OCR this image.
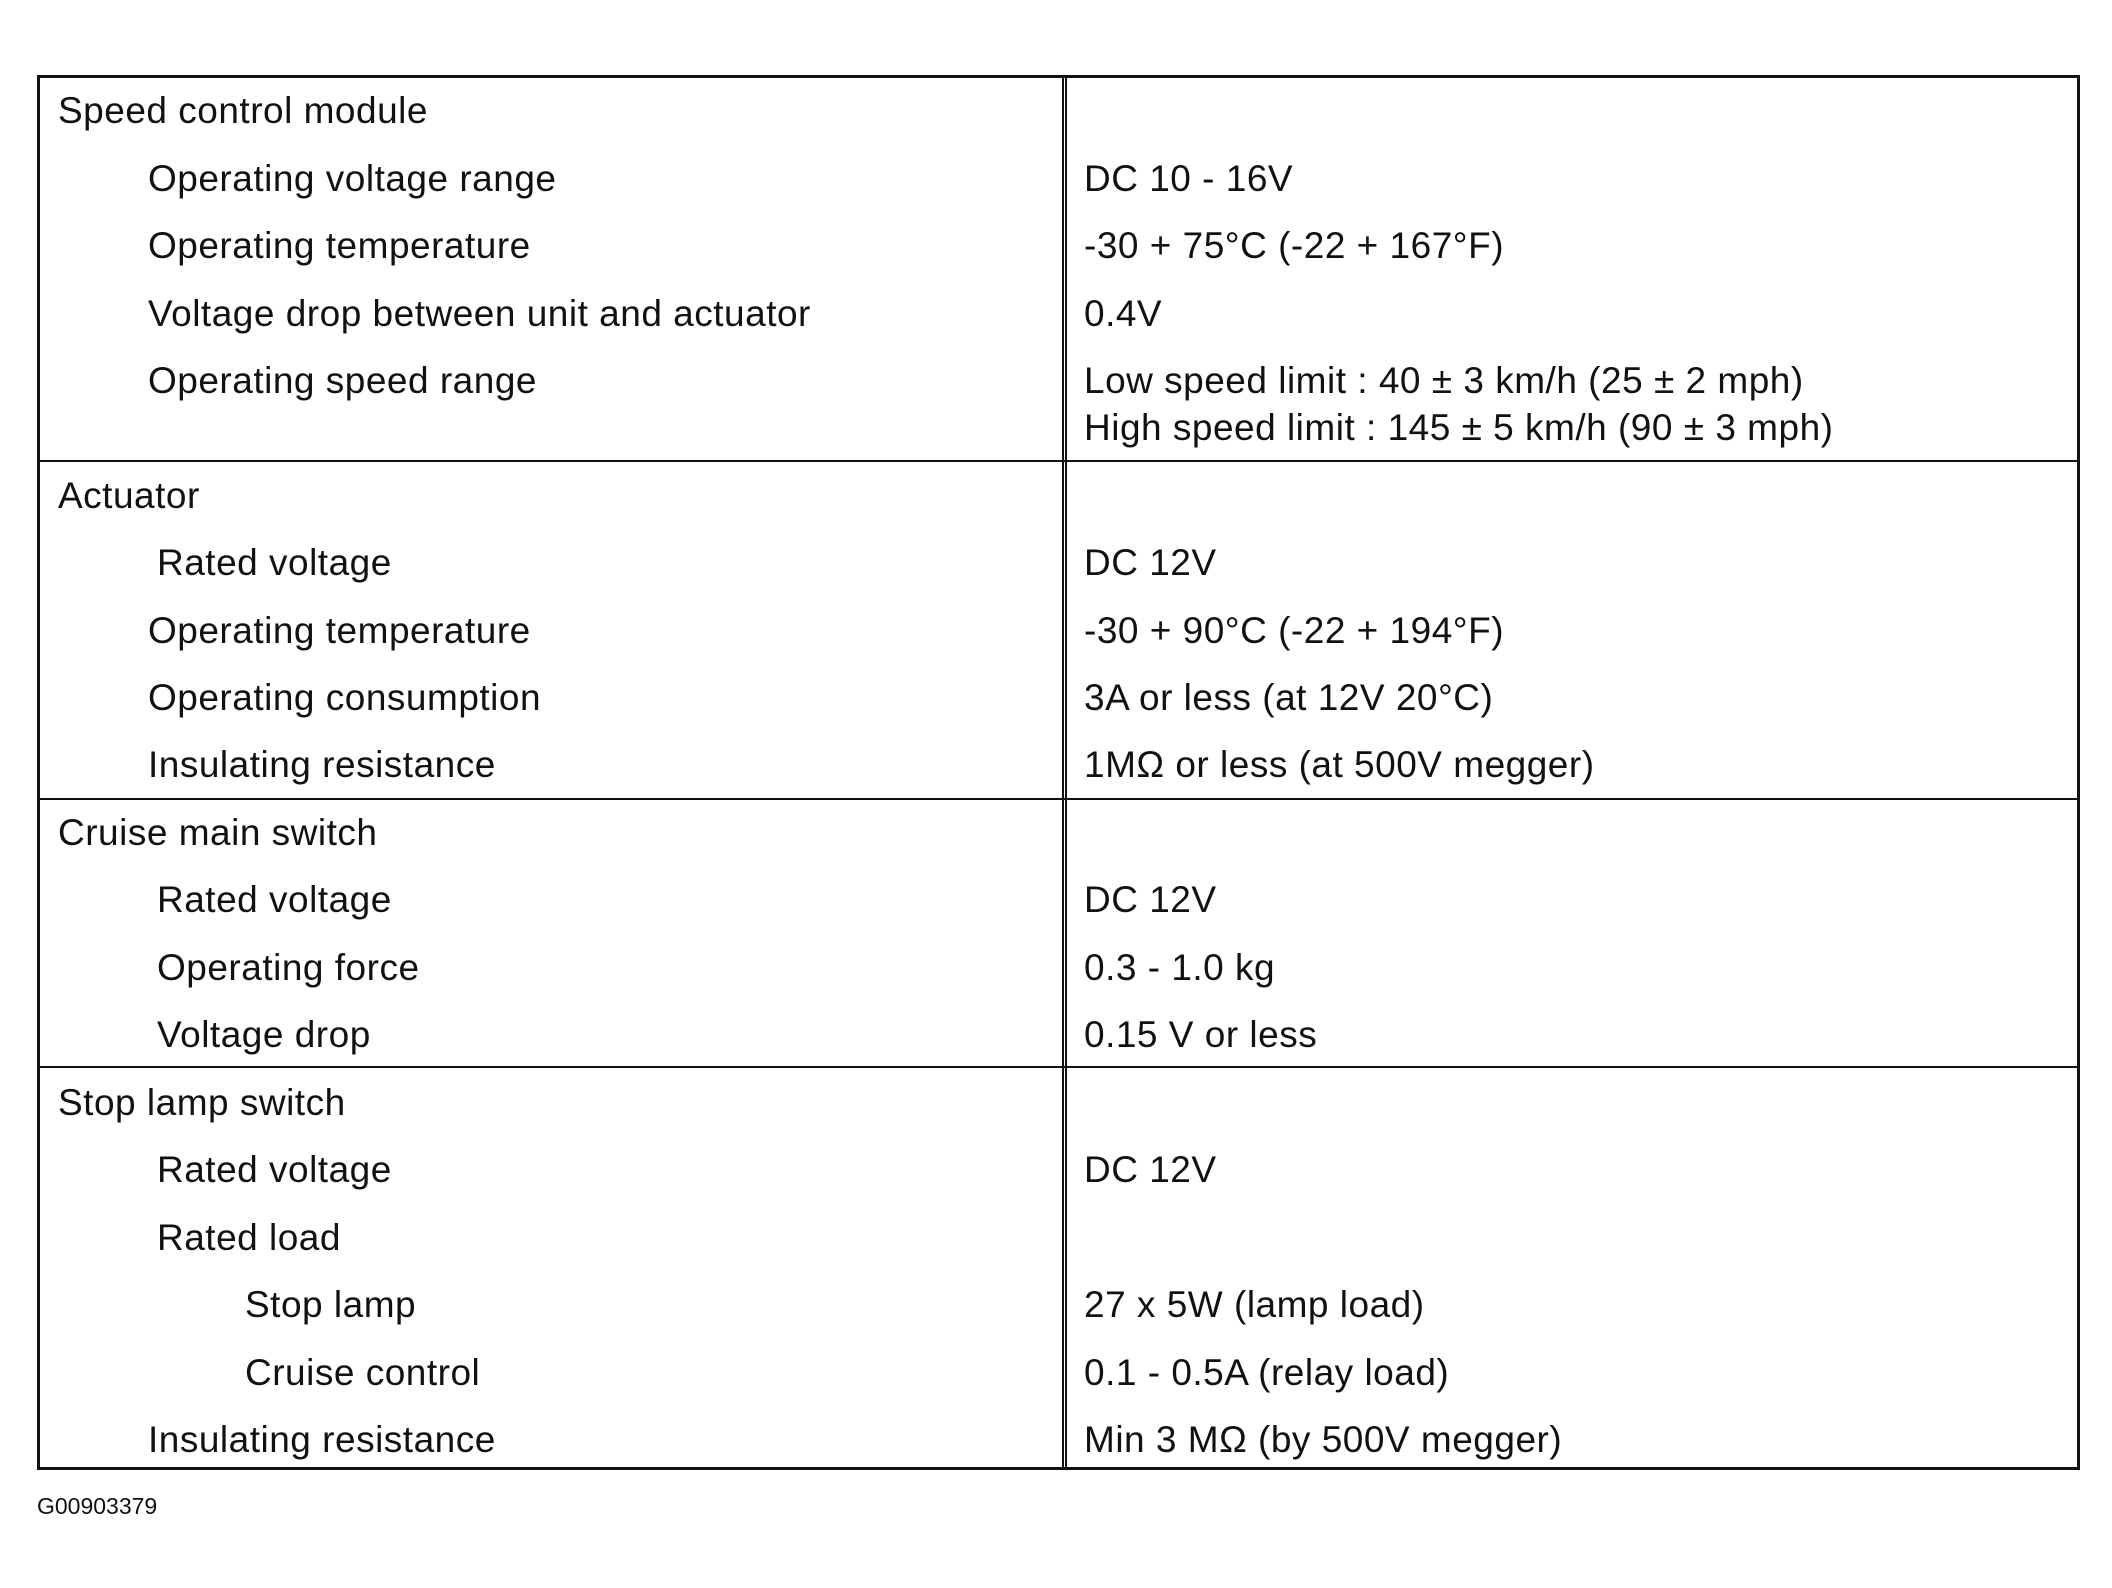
Speed control module
Operating voltage range	DC 10 - 16V
Operating temperature	-30 + 75°C (-22 + 167°F)
Voltage drop between unit and actuator	0.4V
Operating speed range	Low speed limit : 40 ± 3 km/h (25 ± 2 mph)
High speed limit : 145 ± 5 km/h (90 ± 3 mph)
Actuator
Rated voltage	DC 12V
Operating temperature	-30 + 90°C (-22 + 194°F)
Operating consumption	3A or less (at 12V 20°C)
Insulating resistance	1MΩ or less (at 500V megger)
Cruise main switch
Rated voltage	DC 12V
Operating force	0.3 - 1.0 kg
Voltage drop	0.15 V or less
Stop lamp switch
Rated voltage	DC 12V
Rated load
Stop lamp	27 x 5W (lamp load)
Cruise control	0.1 - 0.5A (relay load)
Insulating resistance	Min 3 MΩ (by 500V megger)
G00903379
